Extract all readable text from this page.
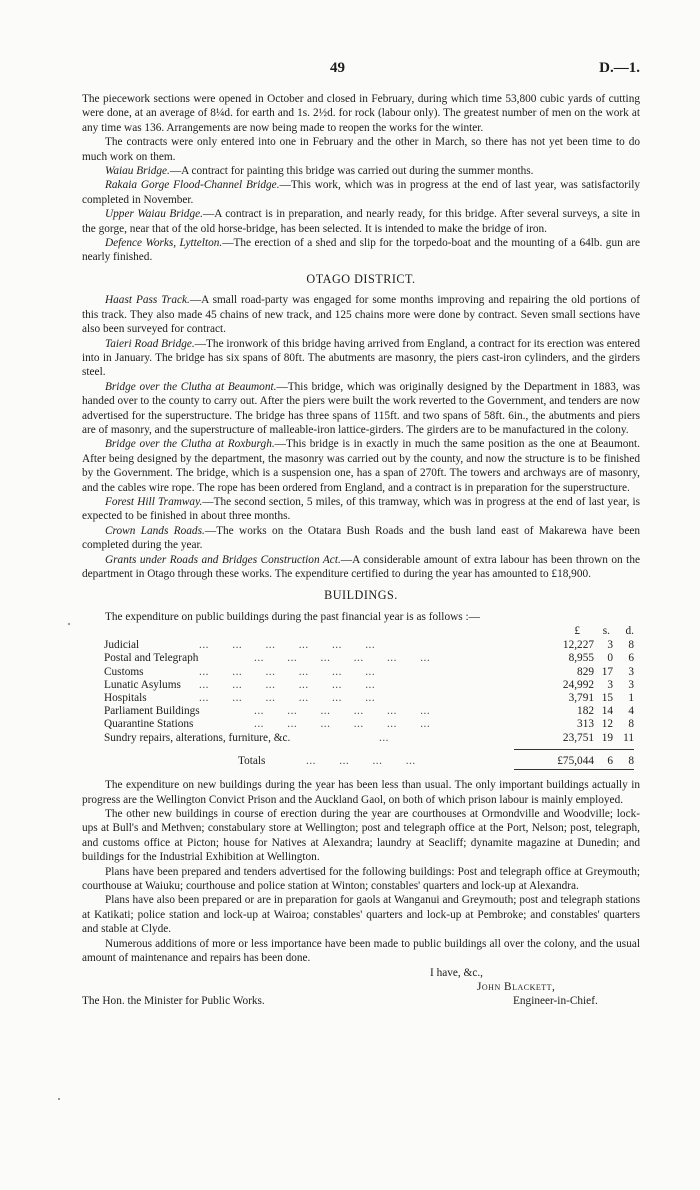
49	D.—1.

The piecework sections were opened in October and closed in February, during which time 53,800 cubic yards of cutting were done, at an average of 8¼d. for earth and 1s. 2½d. for rock (labour only). The greatest number of men on the work at any time was 136. Arrangements are now being made to reopen the works for the winter.

The contracts were only entered into one in February and the other in March, so there has not yet been time to do much work on them.

Waiau Bridge.—A contract for painting this bridge was carried out during the summer months.

Rakaia Gorge Flood-Channel Bridge.—This work, which was in progress at the end of last year, was satisfactorily completed in November.

Upper Waiau Bridge.—A contract is in preparation, and nearly ready, for this bridge. After several surveys, a site in the gorge, near that of the old horse-bridge, has been selected. It is intended to make the bridge of iron.

Defence Works, Lyttelton.—The erection of a shed and slip for the torpedo-boat and the mounting of a 64lb. gun are nearly finished.

OTAGO DISTRICT.

Haast Pass Track.—A small road-party was engaged for some months improving and repairing the old portions of this track. They also made 45 chains of new track, and 125 chains more were done by contract. Seven small sections have also been surveyed for contract.

Taieri Road Bridge.—The ironwork of this bridge having arrived from England, a contract for its erection was entered into in January. The bridge has six spans of 80ft. The abutments are masonry, the piers cast-iron cylinders, and the girders steel.

Bridge over the Clutha at Beaumont.—This bridge, which was originally designed by the Department in 1883, was handed over to the county to carry out. After the piers were built the work reverted to the Government, and tenders are now advertised for the superstructure. The bridge has three spans of 115ft. and two spans of 58ft. 6in., the abutments and piers are of masonry, and the superstructure of malleable-iron lattice-girders. The girders are to be manufactured in the colony.

Bridge over the Clutha at Roxburgh.—This bridge is in exactly in much the same position as the one at Beaumont. After being designed by the department, the masonry was carried out by the county, and now the structure is to be finished by the Government. The bridge, which is a suspension one, has a span of 270ft. The towers and archways are of masonry, and the cables wire rope. The rope has been ordered from England, and a contract is in preparation for the superstructure.

Forest Hill Tramway.—The second section, 5 miles, of this tramway, which was in progress at the end of last year, is expected to be finished in about three months.

Crown Lands Roads.—The works on the Otatara Bush Roads and the bush land east of Makarewa have been completed during the year.

Grants under Roads and Bridges Construction Act.—A considerable amount of extra labour has been thrown on the department in Otago through these works. The expenditure certified to during the year has amounted to £18,900.

BUILDINGS.

The expenditure on public buildings during the past financial year is as follows :—

£ s. d.
Judicial	...       ...       ...       ...       ...       ...	12,227	3	8
Postal and Telegraph	...       ...       ...       ...       ...       ...	8,955	0	6
Customs	...       ...       ...       ...       ...       ...	829 17	3
Lunatic Asylums ...       ...       ...       ...       ...       ...	24,992	3	3
Hospitals	...       ...       ...       ...       ...       ...	3,791 15	1
Parliament Buildings	...       ...       ...       ...       ...       ...	182 14	4
Quarantine Stations	...       ...       ...       ...       ...       ...	313 12	8
Sundry repairs, alterations, furniture, &c.	...	23,751 19 11
Totals	...       ...       ...       ...	£75,044	6	8

The expenditure on new buildings during the year has been less than usual. The only important buildings actually in progress are the Wellington Convict Prison and the Auckland Gaol, on both of which prison labour is mainly employed.

The other new buildings in course of erection during the year are courthouses at Ormondville and Woodville; lock-ups at Bull's and Methven; constabulary store at Wellington; post and telegraph office at the Port, Nelson; post, telegraph, and customs office at Picton; house for Natives at Alexandra; laundry at Seacliff; dynamite magazine at Dunedin; and buildings for the Industrial Exhibition at Wellington.

Plans have been prepared and tenders advertised for the following buildings: Post and telegraph office at Greymouth; courthouse at Waiuku; courthouse and police station at Winton; constables' quarters and lock-up at Alexandra.

Plans have also been prepared or are in preparation for gaols at Wanganui and Greymouth; post and telegraph stations at Katikati; police station and lock-up at Wairoa; constables' quarters and lock-up at Pembroke; and constables' quarters and stable at Clyde.

Numerous additions of more or less importance have been made to public buildings all over the colony, and the usual amount of maintenance and repairs has been done.

I have, &c.,
John Blackett,
The Hon. the Minister for Public Works.	Engineer-in-Chief.
